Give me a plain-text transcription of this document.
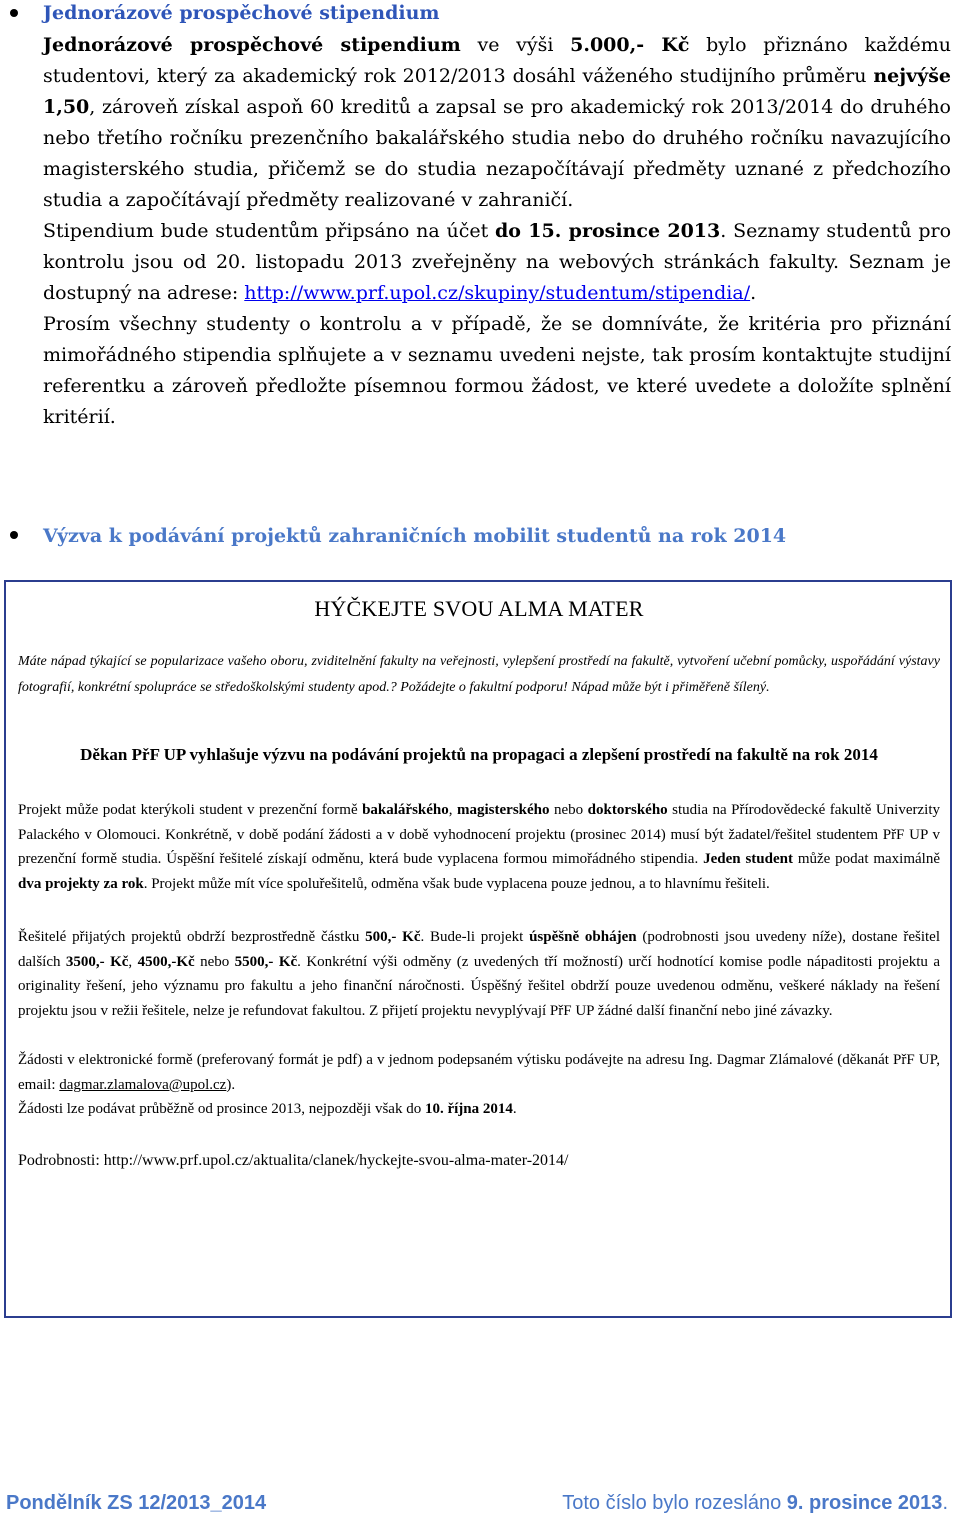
Jednorázové prospěchové stipendium

Jednorázové prospěchové stipendium ve výši 5.000,- Kč bylo přiznáno každému studentovi, který za akademický rok 2012/2013 dosáhl váženého studijního průměru nejvýše 1,50, zároveň získal aspoň 60 kreditů a zapsal se pro akademický rok 2013/2014 do druhého nebo třetího ročníku prezenčního bakalářského studia nebo do druhého ročníku navazujícího magisterského studia, přičemž se do studia nezapočítávají předměty uznané z předchozího studia a započítávají předměty realizované v zahraničí.

Stipendium bude studentům připsáno na účet do 15. prosince 2013. Seznamy studentů pro kontrolu jsou od 20. listopadu 2013 zveřejněny na webových stránkách fakulty. Seznam je dostupný na adrese: http://www.prf.upol.cz/skupiny/studentum/stipendia/.

Prosím všechny studenty o kontrolu a v případě, že se domníváte, že kritéria pro přiznání mimořádného stipendia splňujete a v seznamu uvedeni nejste, tak prosím kontaktujte studijní referentku a zároveň předložte písemnou formou žádost, ve které uvedete a doložíte splnění kritérií.

Výzva k podávání projektů zahraničních mobilit studentů na rok 2014

HÝČKEJTE SVOU ALMA MATER

Máte nápad týkající se popularizace vašeho oboru, zviditelnění fakulty na veřejnosti, vylepšení prostředí na fakultě, vytvoření učební pomůcky, uspořádání výstavy fotografií, konkrétní spolupráce se středoškolskými studenty apod.? Požádejte o fakultní podporu! Nápad může být i přiměřeně šílený.

Děkan PřF UP vyhlašuje výzvu na podávání projektů na propagaci a zlepšení prostředí na fakultě na rok 2014

Projekt může podat kterýkoli student v prezenční formě bakalářského, magisterského nebo doktorského studia na Přírodovědecké fakultě Univerzity Palackého v Olomouci. Konkrétně, v době podání žádosti a v době vyhodnocení projektu (prosinec 2014) musí být žadatel/řešitel studentem PřF UP v prezenční formě studia. Úspěšní řešitelé získají odměnu, která bude vyplacena formou mimořádného stipendia. Jeden student může podat maximálně dva projekty za rok. Projekt může mít více spoluřešitelů, odměna však bude vyplacena pouze jednou, a to hlavnímu řešiteli.

Řešitelé přijatých projektů obdrží bezprostředně částku 500,- Kč. Bude-li projekt úspěšně obhájen (podrobnosti jsou uvedeny níže), dostane řešitel dalších 3500,- Kč, 4500,-Kč nebo 5500,- Kč. Konkrétní výši odměny (z uvedených tří možností) určí hodnotící komise podle nápaditosti projektu a originality řešení, jeho významu pro fakultu a jeho finanční náročnosti. Úspěšný řešitel obdrží pouze uvedenou odměnu, veškeré náklady na řešení projektu jsou v režii řešitele, nelze je refundovat fakultou. Z přijetí projektu nevyplývají PřF UP žádné další finanční nebo jiné závazky.

Žádosti v elektronické formě (preferovaný formát je pdf) a v jednom podepsaném výtisku podávejte na adresu Ing. Dagmar Zlámalové (děkanát PřF UP, email: dagmar.zlamalova@upol.cz).
Žádosti lze podávat průběžně od prosince 2013, nejpozději však do 10. října 2014.

Podrobnosti: http://www.prf.upol.cz/aktualita/clanek/hyckejte-svou-alma-mater-2014/

Pondělník ZS 12/2013_2014	Toto číslo bylo rozesláno 9. prosince 2013.
